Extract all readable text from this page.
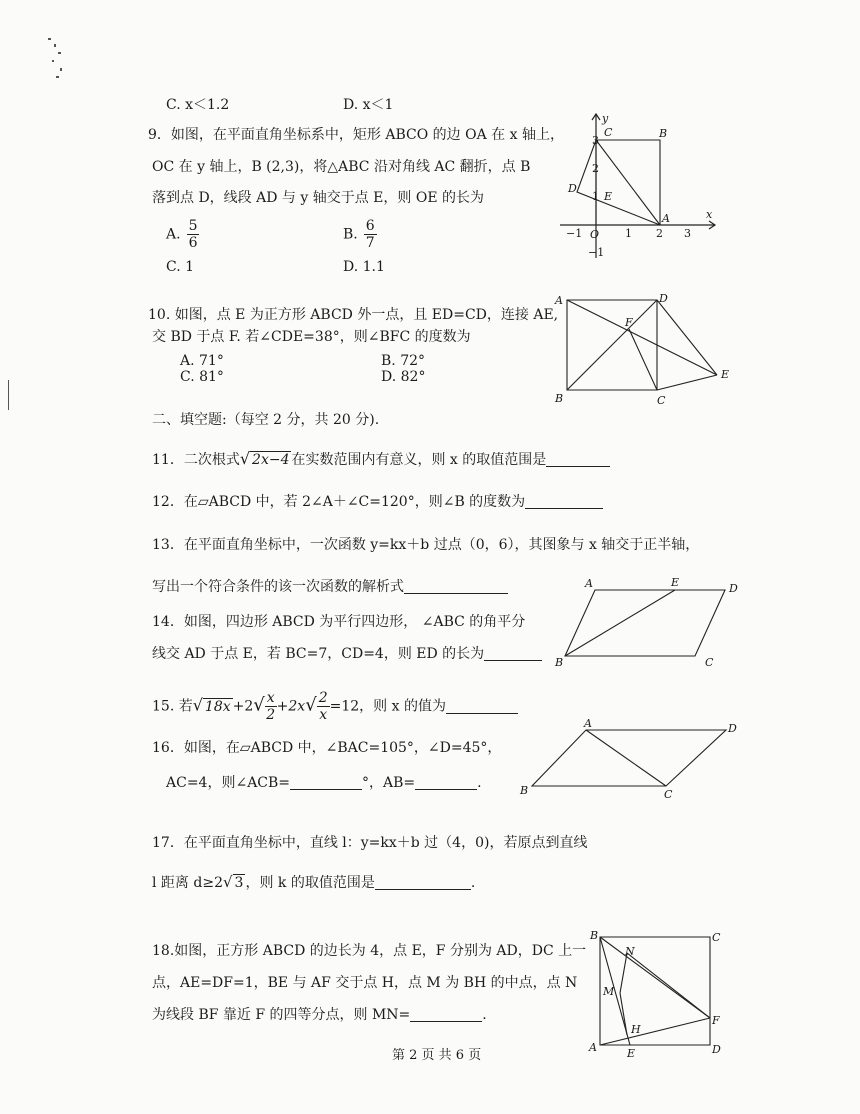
C. x＜1.2	D. x＜1
9．如图，在平面直角坐标系中，矩形 ABCO 的边 OA 在 x 轴上，
OC 在 y 轴上，B (2,3)，将△ABC 沿对角线 AC 翻折，点 B
落到点 D，线段 AD 与 y 轴交于点 E，则 OE 的长为
A. $\frac{5}{6}$	B. $\frac{6}{7}$
C. 1	D. 1.1
x
y
O
A
B
C
D
E
−1	1 2 3
1
2
3
−1
10. 如图，点 E 为正方形 ABCD 外一点，且 ED=CD，连接 AE,
交 BD 于点 F. 若∠CDE=38°，则∠BFC 的度数为
A. 71°	B. 72°
C. 81°	D. 82°
A
B	C
D
E
F
二、填空题:（每空 2 分，共 20 分).
11．二次根式√ 2x−4 在实数范围内有意义，则 x 的取值范围是
12．在▱ABCD 中，若 2∠A＋∠C=120°，则∠B 的度数为
13．在平面直角坐标中，一次函数 y=kx＋b 过点（0，6），其图象与 x 轴交于正半轴，
写出一个符合条件的该一次函数的解析式
14．如图，四边形 ABCD 为平行四边形， ∠ABC 的角平分
线交 AD 于点 E，若 BC=7，CD=4，则 ED 的长为
A
B	C
D
E
15. 若√ $18x +2√ \frac{x}{2} +2x√ \frac{2}{x} =12$，则 x 的值为
16．如图，在▱ABCD 中，∠BAC=105°，∠D=45°，
AC=4，则∠ACB=	°，AB=	.
A
B	C
D
17．在平面直角坐标中，直线 l：y=kx＋b 过（4，0)，若原点到直线
l 距离 d≥2√ 3 ，则 k 的取值范围是	.
18.如图，正方形 ABCD 的边长为 4，点 E，F 分别为 AD，DC 上一
点，AE=DF=1，BE 与 AF 交于点 H，点 M 为 BH 的中点，点 N
为线段 BF 靠近 F 的四等分点，则 MN=	.
A
B	C
D
E
F
H
M
N
第 2 页 共 6 页
